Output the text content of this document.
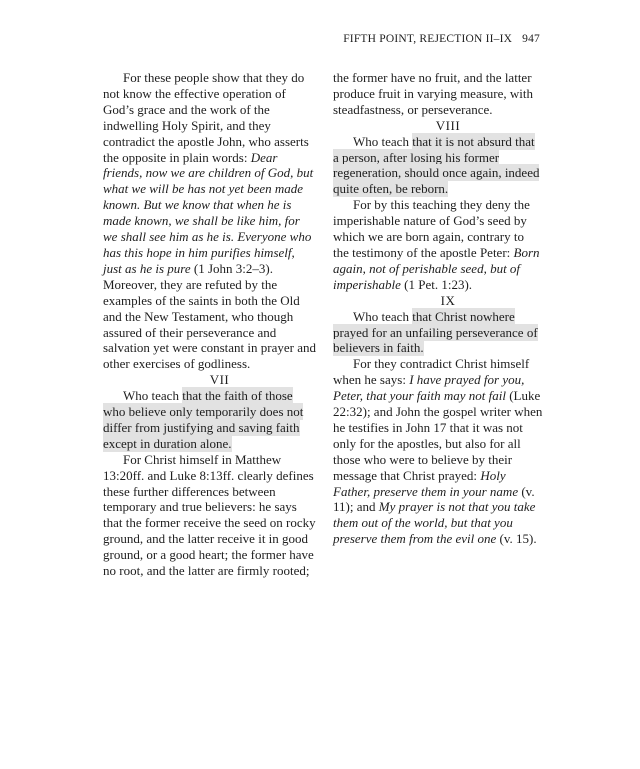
FIFTH POINT, REJECTION II–IX 947

For these people show that they do not know the effective operation of God’s grace and the work of the indwelling Holy Spirit, and they contradict the apostle John, who asserts the opposite in plain words: Dear friends, now we are children of God, but what we will be has not yet been made known. But we know that when he is made known, we shall be like him, for we shall see him as he is. Everyone who has this hope in him purifies himself, just as he is pure (1 John 3:2–3). Moreover, they are refuted by the examples of the saints in both the Old and the New Testament, who though assured of their perseverance and salvation yet were constant in prayer and other exercises of godliness.

VII

Who teach that the faith of those who believe only temporarily does not differ from justifying and saving faith except in duration alone.

For Christ himself in Matthew 13:20ff. and Luke 8:13ff. clearly defines these further differences between temporary and true believers: he says that the former receive the seed on rocky ground, and the latter receive it in good ground, or a good heart; the former have no root, and the latter are firmly rooted;

the former have no fruit, and the latter produce fruit in varying measure, with steadfastness, or perseverance.

VIII

Who teach that it is not absurd that a person, after losing his former regeneration, should once again, indeed quite often, be reborn.

For by this teaching they deny the imperishable nature of God’s seed by which we are born again, contrary to the testimony of the apostle Peter: Born again, not of perishable seed, but of imperishable (1 Pet. 1:23).

IX

Who teach that Christ nowhere prayed for an unfailing perseverance of believers in faith.

For they contradict Christ himself when he says: I have prayed for you, Peter, that your faith may not fail (Luke 22:32); and John the gospel writer when he testifies in John 17 that it was not only for the apostles, but also for all those who were to believe by their message that Christ prayed: Holy Father, preserve them in your name (v. 11); and My prayer is not that you take them out of the world, but that you preserve them from the evil one (v. 15).
